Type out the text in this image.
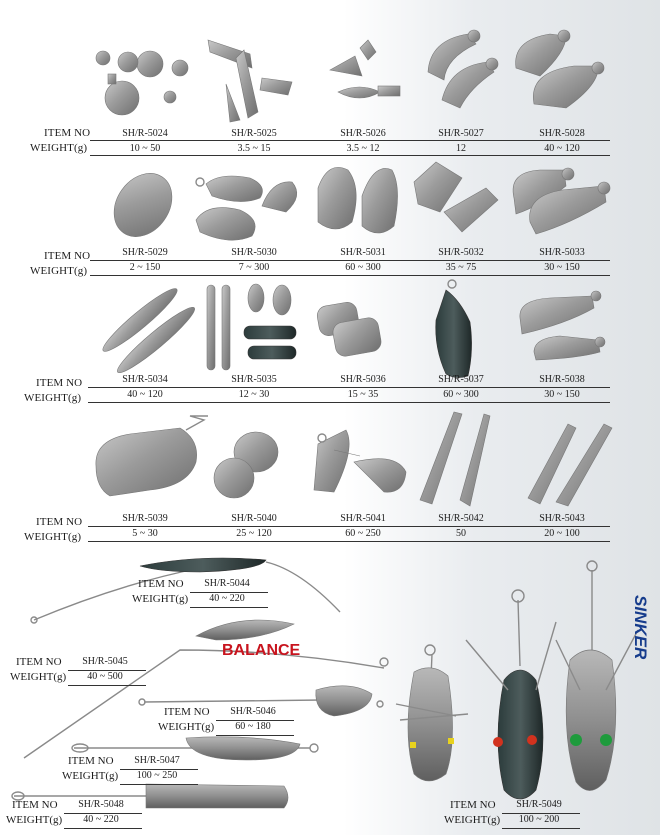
ITEM NO
WEIGHT(g)
SH/R-5024	SH/R-5025	SH/R-5026	SH/R-5027	SH/R-5028
10 ~ 50	3.5 ~ 15	3.5 ~ 12	12	40 ~ 120
ITEM NO
WEIGHT(g)
SH/R-5029	SH/R-5030	SH/R-5031	SH/R-5032	SH/R-5033
2 ~ 150	7 ~ 300	60 ~ 300	35 ~ 75	30 ~ 150
ITEM NO
WEIGHT(g)
SH/R-5034	SH/R-5035	SH/R-5036	SH/R-5037	SH/R-5038
40 ~ 120	12 ~ 30	15 ~ 35	60 ~ 300	30 ~ 150
ITEM NO
WEIGHT(g)
SH/R-5039	SH/R-5040	SH/R-5041	SH/R-5042	SH/R-5043
5 ~ 30	25 ~ 120	60 ~ 250	50	20 ~ 100
ITEM NO	SH/R-5044
WEIGHT(g)	40 ~ 220
ITEM NO	SH/R-5045
WEIGHT(g)	40 ~ 500
ITEM NO	SH/R-5046
WEIGHT(g)	60 ~ 180
ITEM NO	SH/R-5047
WEIGHT(g)	100 ~ 250
ITEM NO	SH/R-5048
WEIGHT(g)	40 ~ 220
ITEM NO	SH/R-5049
WEIGHT(g)	100 ~ 200
BALANCE	SINKER
